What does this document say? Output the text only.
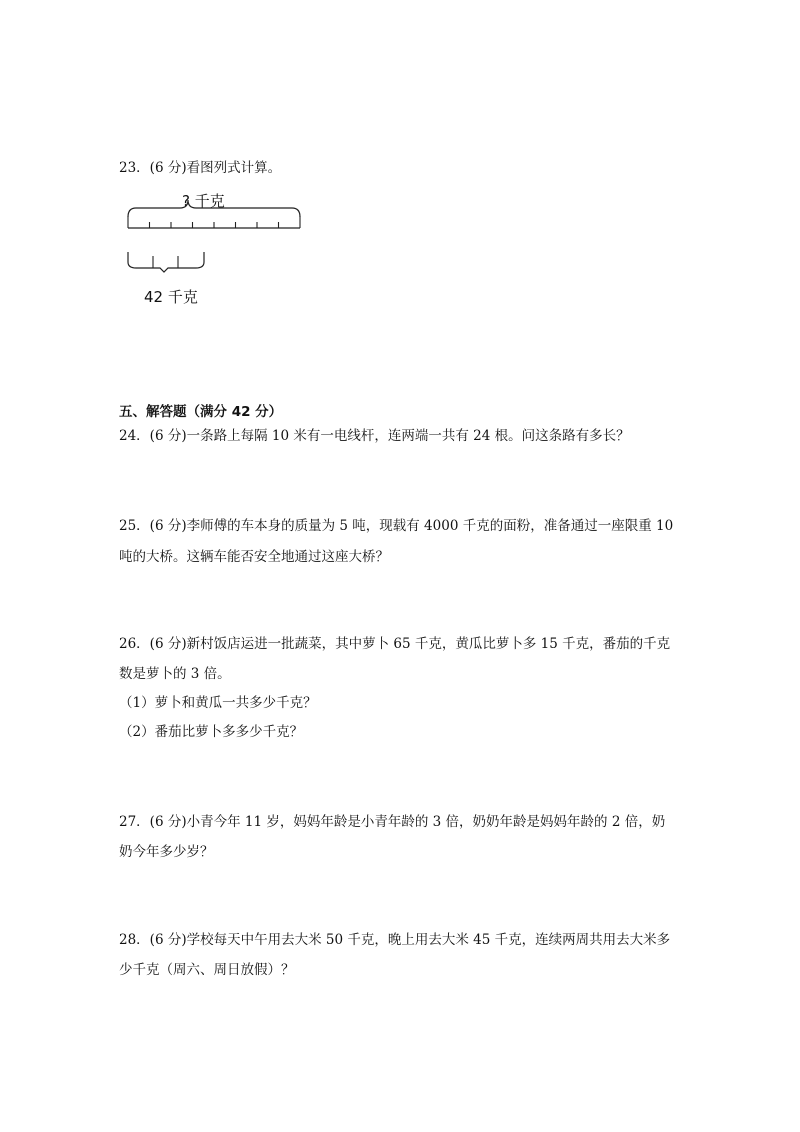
23．(6 分)看图列式计算。
? 千克
42 千克
五、解答题（满分 42 分）
24．(6 分)一条路上每隔 10 米有一电线杆，连两端一共有 24 根。问这条路有多长？
25．(6 分)李师傅的车本身的质量为 5 吨，现载有 4000 千克的面粉，准备通过一座限重 10
吨的大桥。这辆车能否安全地通过这座大桥？
26．(6 分)新村饭店运进一批蔬菜，其中萝卜 65 千克，黄瓜比萝卜多 15 千克，番茄的千克
数是萝卜的 3 倍。
（1）萝卜和黄瓜一共多少千克？
（2）番茄比萝卜多多少千克？
27．(6 分)小青今年 11 岁，妈妈年龄是小青年龄的 3 倍，奶奶年龄是妈妈年龄的 2 倍，奶
奶今年多少岁？
28．(6 分)学校每天中午用去大米 50 千克，晚上用去大米 45 千克，连续两周共用去大米多
少千克（周六、周日放假）？
